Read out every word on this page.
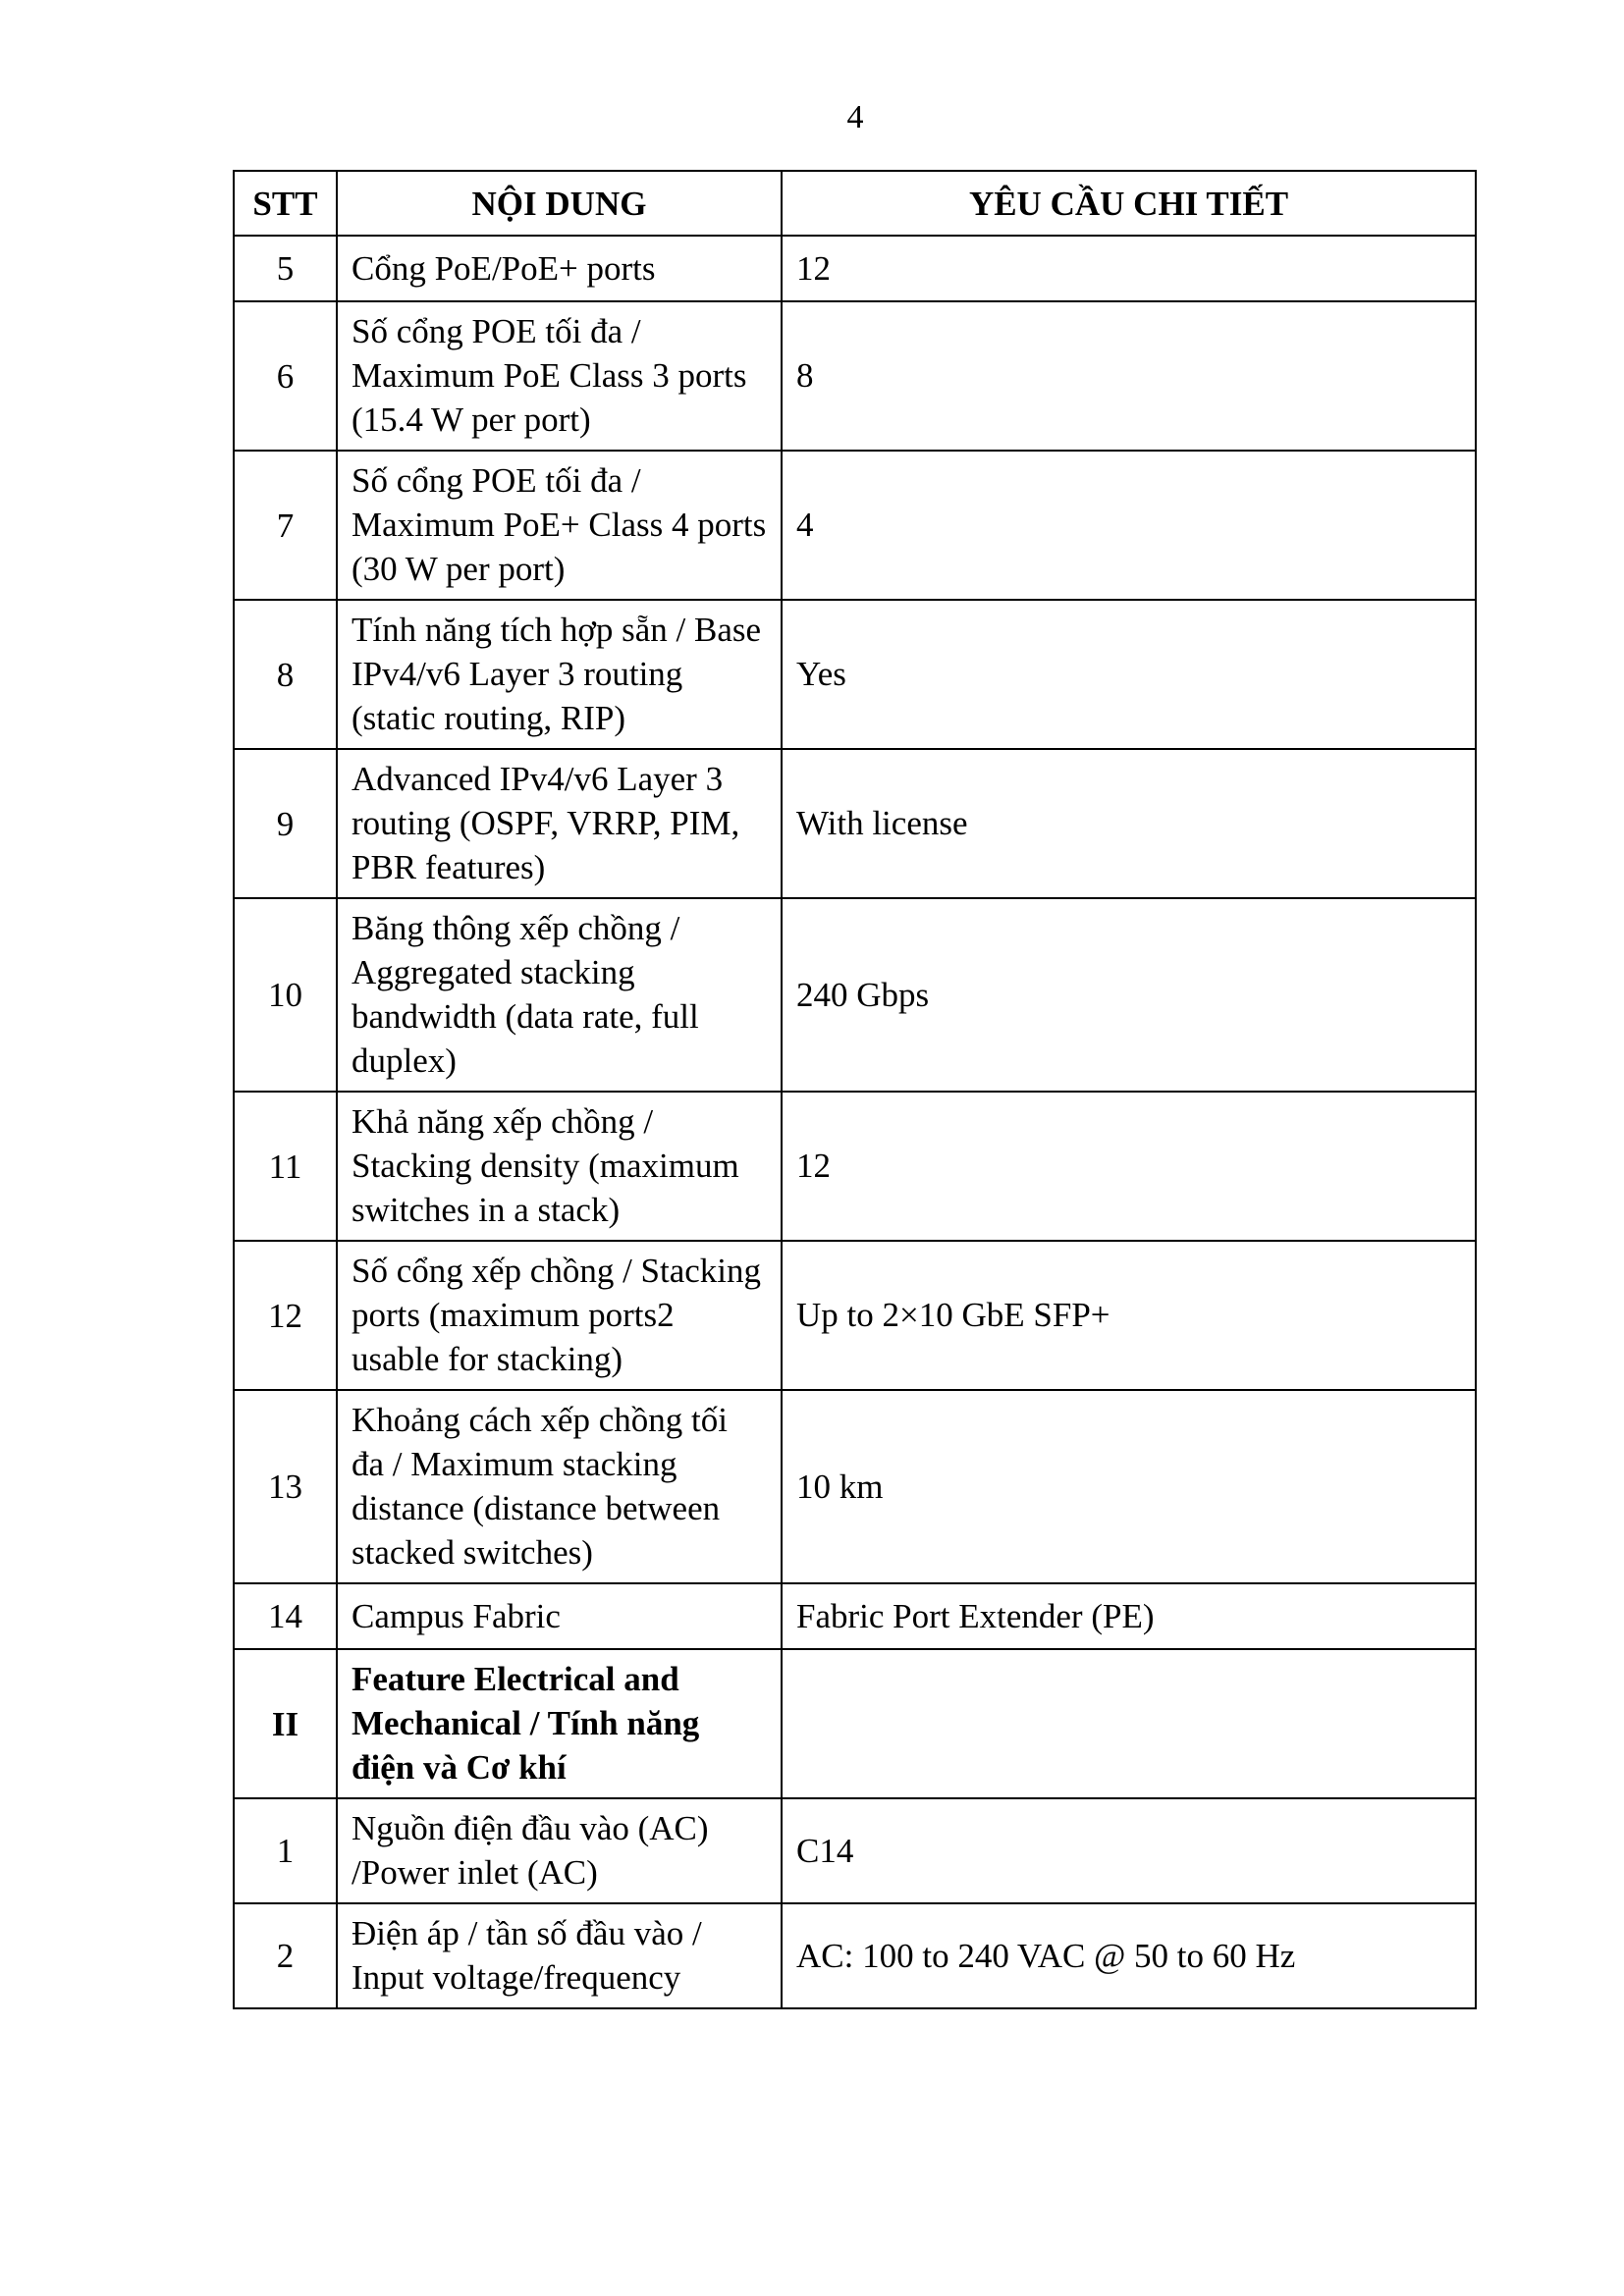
4
STT	NỘI DUNG	YÊU CẦU CHI TIẾT
5	Cổng PoE/PoE+ ports	12
6	Số cổng POE tối đa / Maximum PoE Class 3 ports (15.4 W per port)	8
7	Số cổng POE tối đa / Maximum PoE+ Class 4 ports (30 W per port)	4
8	Tính năng tích hợp sẵn / Base IPv4/v6 Layer 3 routing (static routing, RIP)	Yes
9	Advanced IPv4/v6 Layer 3 routing (OSPF, VRRP, PIM, PBR features)	With license
10	Băng thông xếp chồng / Aggregated stacking bandwidth (data rate, full duplex)	240 Gbps
11	Khả năng xếp chồng / Stacking density (maximum switches in a stack)	12
12	Số cổng xếp chồng / Stacking ports (maximum ports2 usable for stacking)	Up to 2×10 GbE SFP+
13	Khoảng cách xếp chồng tối đa / Maximum stacking distance (distance between stacked switches)	10 km
14	Campus Fabric	Fabric Port Extender (PE)
II	Feature Electrical and Mechanical / Tính năng điện và Cơ khí	
1	Nguồn điện đầu vào (AC) /Power inlet (AC)	C14
2	Điện áp / tần số đầu vào / Input voltage/frequency	AC: 100 to 240 VAC @ 50 to 60 Hz
